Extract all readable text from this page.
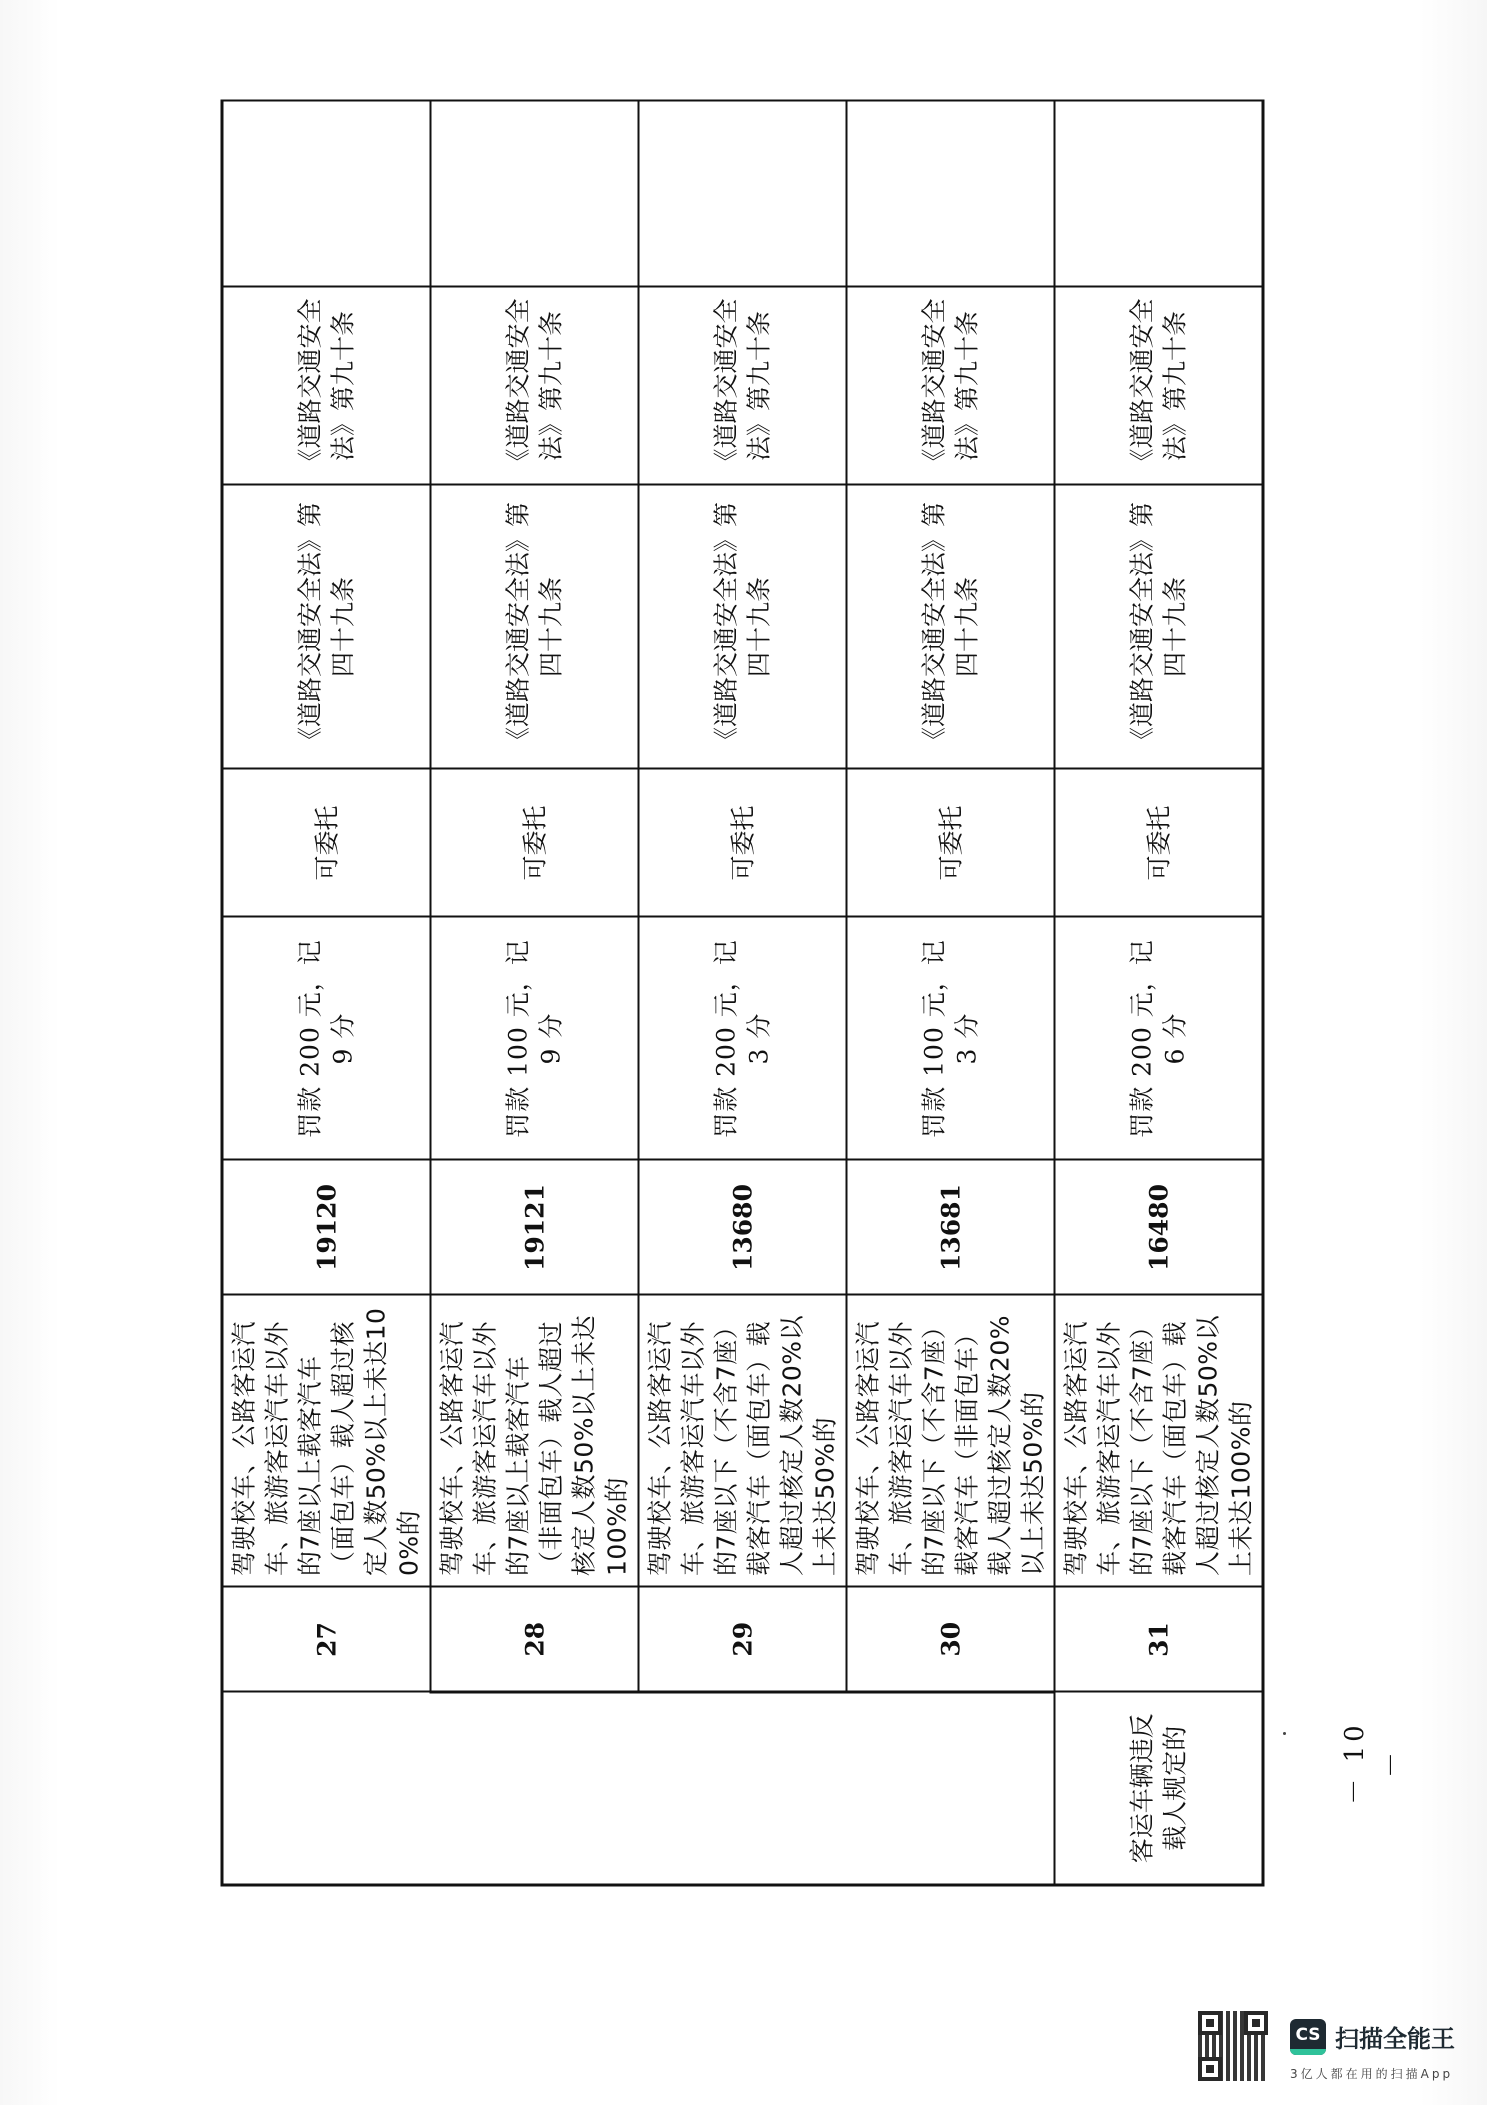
	27	驾驶校车、公路客运汽车、旅游客运汽车以外的7座以上载客汽车（面包车）载人超过核定人数50%以上未达100%的	19120	罚款 200 元，记 9 分	可委托	《道路交通安全法》第四十九条	《道路交通安全法》第九十条	
	28	驾驶校车、公路客运汽车、旅游客运汽车以外的7座以上载客汽车（非面包车）载人超过核定人数50%以上未达100%的	19121	罚款 100 元，记 9 分	可委托	《道路交通安全法》第四十九条	《道路交通安全法》第九十条	
	29	驾驶校车、公路客运汽车、旅游客运汽车以外的7座以下（不含7座）载客汽车（面包车）载人超过核定人数20%以上未达50%的	13680	罚款 200 元，记 3 分	可委托	《道路交通安全法》第四十九条	《道路交通安全法》第九十条	
	30	驾驶校车、公路客运汽车、旅游客运汽车以外的7座以下（不含7座）载客汽车（非面包车）载人超过核定人数20%以上未达50%的	13681	罚款 100 元，记 3 分	可委托	《道路交通安全法》第四十九条	《道路交通安全法》第九十条	
客运车辆违反载人规定的	31	驾驶校车、公路客运汽车、旅游客运汽车以外的7座以下（不含7座）载客汽车（面包车）载人超过核定人数50%以上未达100%的	16480	罚款 200 元，记 6 分	可委托	《道路交通安全法》第四十九条	《道路交通安全法》第九十条	
－ 10 －
CS 扫描全能王
3亿人都在用的扫描App
